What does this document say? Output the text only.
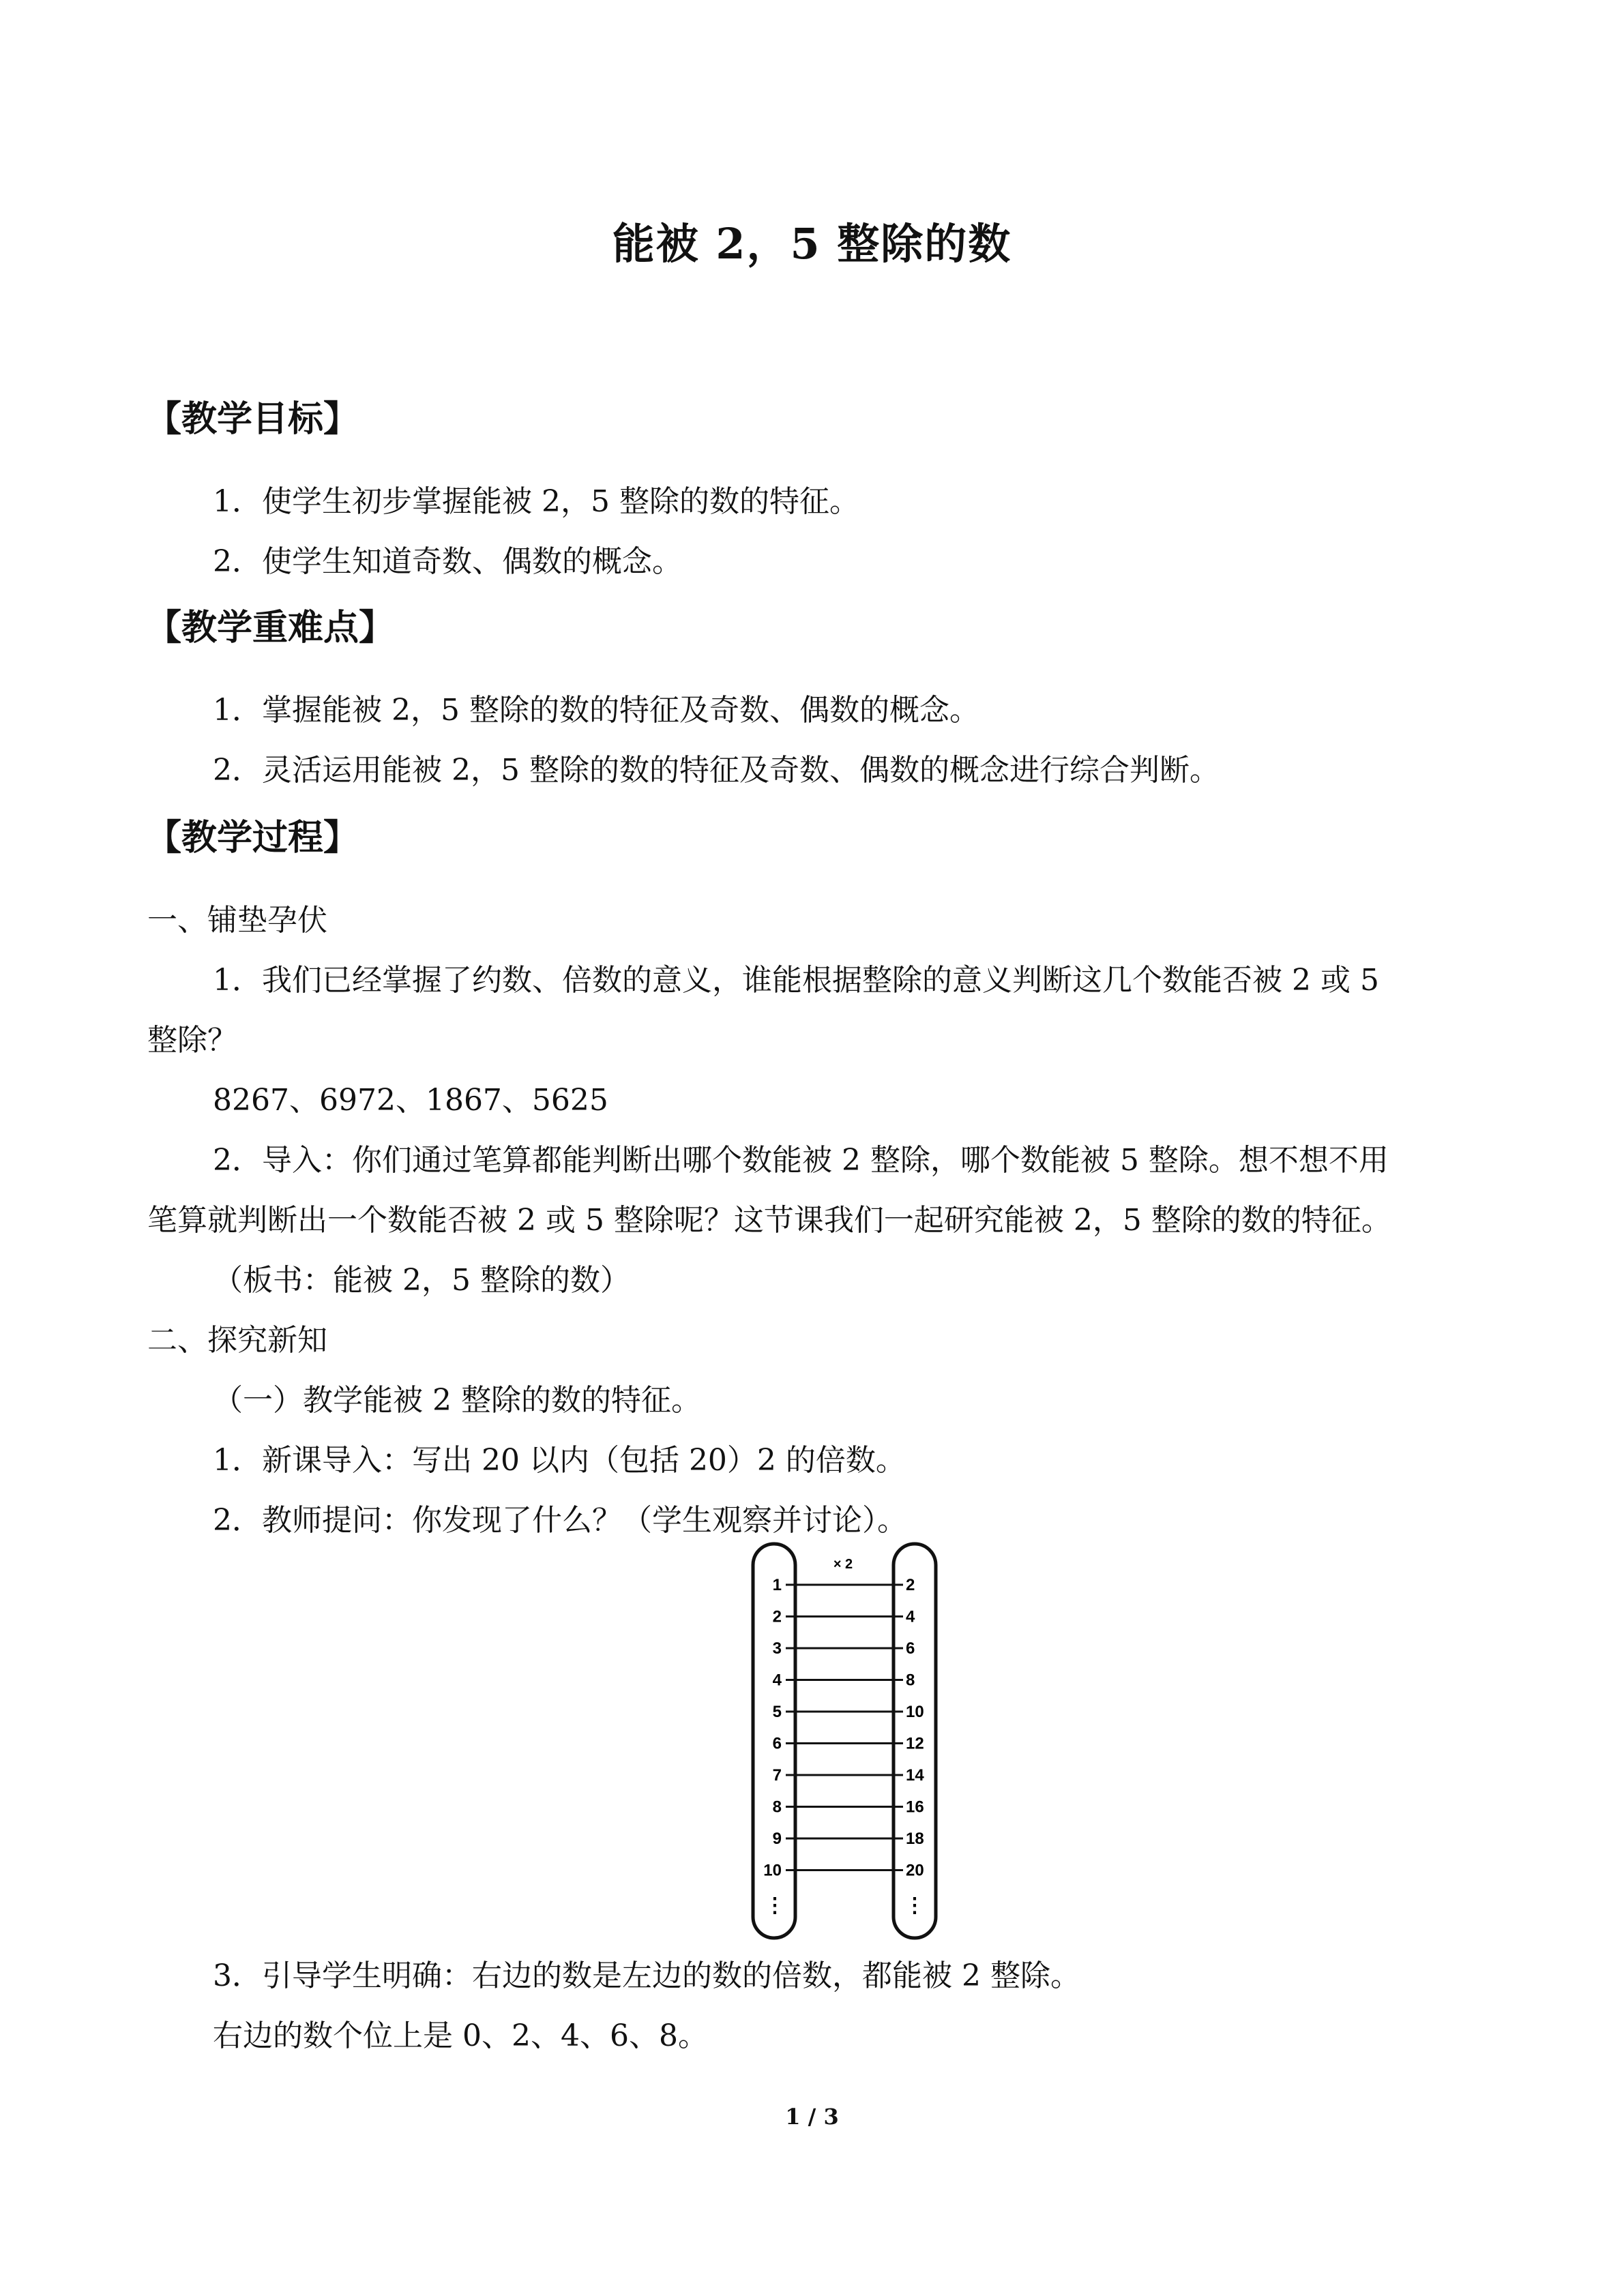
能被 2，5 整除的数
【教学目标】
1．使学生初步掌握能被 2，5 整除的数的特征。
2．使学生知道奇数、偶数的概念。
【教学重难点】
1．掌握能被 2，5 整除的数的特征及奇数、偶数的概念。
2．灵活运用能被 2，5 整除的数的特征及奇数、偶数的概念进行综合判断。
【教学过程】
一、铺垫孕伏
1．我们已经掌握了约数、倍数的意义，谁能根据整除的意义判断这几个数能否被 2 或 5
整除？
8267、6972、1867、5625
2．导入：你们通过笔算都能判断出哪个数能被 2 整除，哪个数能被 5 整除。想不想不用
笔算就判断出一个数能否被 2 或 5 整除呢？这节课我们一起研究能被 2，5 整除的数的特征。
（板书：能被 2，5 整除的数）
二、探究新知
（一）教学能被 2 整除的数的特征。
1．新课导入：写出 20 以内（包括 20）2 的倍数。
2．教师提问：你发现了什么？（学生观察并讨论）。
× 2
1
2
3
4
5
6
7
8
9
10
2
4
6
8
10
12
14
16
18
20
⋮	⋮
3．引导学生明确：右边的数是左边的数的倍数，都能被 2 整除。
右边的数个位上是 0、2、4、6、8。
1 / 3
